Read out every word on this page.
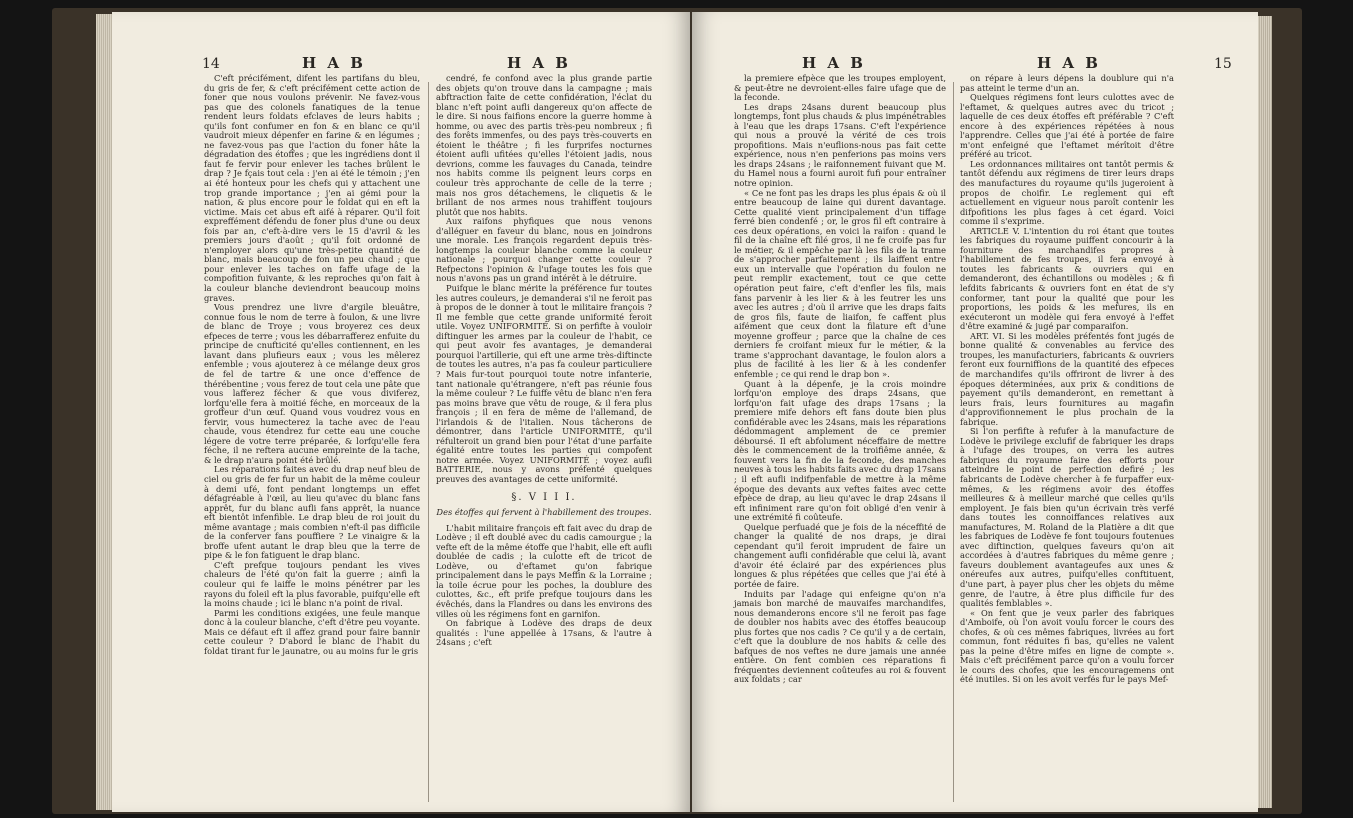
14	H A B	H A B

C'eft précifément, difent les partifans du bleu, du gris de fer, & c'eft précifément cette action de foner que nous voulons prévenir. Ne favez-vous pas que des colonels fanatiques de la tenue rendent leurs foldats efclaves de leurs habits ; qu'ils font confumer en fon & en blanc ce qu'il vaudroit mieux dépenfer en farine & en légumes ; ne favez-vous pas que l'action du foner hâte la dégradation des étoffes ; que les ingrédiens dont il faut fe fervir pour enlever les taches brûlent le drap ? Je fçais tout cela : j'en ai été le témoin ; j'en ai été honteux pour les chefs qui y attachent une trop grande importance ; j'en ai gémi pour la nation, & plus encore pour le foldat qui en eft la victime. Mais cet abus eft aifé à réparer. Qu'il foit expreffément défendu de foner plus d'une ou deux fois par an, c'eft-à-dire vers le 15 d'avril & les premiers jours d'août ; qu'il foit ordonné de n'employer alors qu'une très-petite quantité de blanc, mais beaucoup de fon un peu chaud ; que pour enlever les taches on faffe ufage de la compofition fuivante, & les reproches qu'on fait à la couleur blanche deviendront beaucoup moins graves.

Vous prendrez une livre d'argile bleuâtre, connue fous le nom de terre à foulon, & une livre de blanc de Troye ; vous broyerez ces deux efpeces de terre ; vous les débarrafferez enfuite du principe de cnufticité qu'elles contiennent, en les lavant dans plufieurs eaux ; vous les mêlerez enfemble ; vous ajouterez à ce mélange deux gros de fel de tartre & une once d'effence de thérébentine ; vous ferez de tout cela une pâte que vous lafferez fécher & que vous diviferez, lorfqu'elle fera à moitié féche, en morceaux de la groffeur d'un œuf. Quand vous voudrez vous en fervir, vous humecterez la tache avec de l'eau chaude, vous étendrez fur cette eau une couche légere de votre terre préparée, & lorfqu'elle fera féche, il ne reftera aucune empreinte de la tache, & le drap n'aura point été brûlé.

Les réparations faites avec du drap neuf bleu de ciel ou gris de fer fur un habit de la même couleur à demi ufé, font pendant longtemps un effet défagréable à l'œil, au lieu qu'avec du blanc fans apprêt, fur du blanc aufli fans apprêt, la nuance eft bientôt infenfible. Le drap bleu de roi jouit du même avantage ; mais combien n'eft-il pas difficile de la conferver fans pouffiere ? Le vinaigre & la broffe ufent autant le drap bleu que la terre de pipe & le fon fatiguent le drap blanc.

C'eft prefque toujours pendant les vives chaleurs de l'été qu'on fait la guerre ; ainfi la couleur qui fe laiffe le moins pénétrer par les rayons du foleil eft la plus favorable, puifqu'elle eft la moins chaude ; ici le blanc n'a point de rival.

Parmi les conditions exigées, une feule manque donc à la couleur blanche, c'eft d'être peu voyante. Mais ce défaut eft il affez grand pour faire bannir cette couleur ? D'abord le blanc de l'habit du foldat tirant fur le jaunatre, ou au moins fur le gris

cendré, fe confond avec la plus grande partie des objets qu'on trouve dans la campagne ; mais abftraction faite de cette confidération, l'éclat du blanc n'eft point aufli dangereux qu'on affecte de le dire. Si nous faifions encore la guerre homme à homme, ou avec des partis très-peu nombreux ; fi des forêts immenfes, ou des pays très-couverts en étoient le théâtre ; fi les furprifes nocturnes étoient aufli ufitées qu'elles l'étoient jadis, nous devrions, comme les fauvages du Canada, teindre nos habits comme ils peignent leurs corps en couleur très approchante de celle de la terre ; mais nos gros détachemens, le cliquetis & le brillant de nos armes nous trahiffent toujours plutôt que nos habits.

Aux raifons phyfiques que nous venons d'alléguer en faveur du blanc, nous en joindrons une morale. Les françois regardent depuis très-longtemps la couleur blanche comme la couleur nationale ; pourquoi changer cette couleur ? Refpectons l'opinion & l'ufage toutes les fois que nous n'avons pas un grand intérêt à le détruire.

Puifque le blanc mérite la préférence fur toutes les autres couleurs, je demanderai s'il ne feroit pas à propos de le donner à tout le militaire françois ? Il me femble que cette grande uniformité feroit utile. Voyez UNIFORMITÉ. Si on perfifte à vouloir diftinguer les armes par la couleur de l'habit, ce qui peut avoir fes avantages, je demanderai pourquoi l'artillerie, qui eft une arme très-diftincte de toutes les autres, n'a pas fa couleur particuliere ? Mais fur-tout pourquoi toute notre infanterie, tant nationale qu'étrangere, n'eft pas réunie fous la même couleur ? Le fuiffe vêtu de blanc n'en fera pas moins brave que vêtu de rouge, & il fera plus françois ; il en fera de même de l'allemand, de l'irlandois & de l'italien. Nous tâcherons de démontrer, dans l'article UNIFORMITÉ, qu'il réfulteroit un grand bien pour l'état d'une parfaite égalité entre toutes les parties qui compofent notre armée. Voyez UNIFORMITÉ ; voyez aufli BATTERIE, nous y avons préfenté quelques preuves des avantages de cette uniformité.

§. V I I I.

Des étoffes qui fervent à l'habillement des troupes.

L'habit militaire françois eft fait avec du drap de Lodève ; il eft doublé avec du cadis camourgue ; la vefte eft de la même étoffe que l'habit, elle eft aufli doublée de cadis ; la culotte eft de tricot de Lodève, ou d'eftamet qu'on fabrique principalement dans le pays Meffin & la Lorraine ; la toile écrue pour les poches, la doublure des culottes, &c., eft prife prefque toujours dans les évêchés, dans la Flandres ou dans les environs des villes où les régimens font en garnifon.

On fabrique à Lodève des draps de deux qualités : l'une appellée à 17sans, & l'autre à 24sans ; c'eft

H A B	H A B	15

la premiere efpèce que les troupes employent, & peut-être ne devroient-elles faire ufage que de la feconde.

Les draps 24sans durent beaucoup plus longtemps, font plus chauds & plus impénétrables à l'eau que les draps 17sans. C'eft l'expérience qui nous a prouvé la vérité de ces trois propofitions. Mais n'euflions-nous pas fait cette expérience, nous n'en penferions pas moins vers les draps 24sans ; le raifonnement fuivant que M. du Hamel nous a fourni auroit fufi pour entraîner notre opinion.

« Ce ne font pas les draps les plus épais & où il entre beaucoup de laine qui durent davantage. Cette qualité vient principalement d'un tiffage ferré bien condenfé ; or, le gros fil eft contraire à ces deux opérations, en voici la raifon : quand le fil de la chaîne eft filé gros, il ne fe croife pas fur le métier, & il empêche par là les fils de la trame de s'approcher parfaitement ; ils laiffent entre eux un intervalle que l'opération du foulon ne peut remplir exactement, tout ce que cette opération peut faire, c'eft d'enfler les fils, mais fans parvenir à les lier & à les feutrer les uns avec les autres ; d'où il arrive que les draps faits de gros fils, faute de liaifon, fe caffent plus aifément que ceux dont la filature eft d'une moyenne groffeur ; parce que la chaîne de ces derniers fe croifant mieux fur le métier, & la trame s'approchant davantage, le foulon alors a plus de facilité à les lier & à les condenfer enfemble ; ce qui rend le drap bon ».

Quant à la dépenfe, je la crois moindre lorfqu'on employe des draps 24sans, que lorfqu'on fait ufage des draps 17sans ; la premiere mife dehors eft fans doute bien plus confidérable avec les 24sans, mais les réparations dédommagent amplement de ce premier déboursé. Il eft abfolument néceffaire de mettre dès le commencement de la troifiême année, & fouvent vers la fin de la feconde, des manches neuves à tous les habits faits avec du drap 17sans ; il eft aufli indifpenfable de mettre à la même époque des devants aux veftes faites avec cette efpèce de drap, au lieu qu'avec le drap 24sans il eft infiniment rare qu'on foit obligé d'en venir à une extrémité fi coûteufe.

Quelque perfuadé que je fois de la néceffité de changer la qualité de nos draps, je dirai cependant qu'il feroit imprudent de faire un changement aufli confidérable que celui là, avant d'avoir été éclairé par des expériences plus longues & plus répétées que celles que j'ai été à portée de faire.

Induits par l'adage qui enfeigne qu'on n'a jamais bon marché de mauvaifes marchandifes, nous demanderons encore s'il ne feroit pas fage de doubler nos habits avec des étoffes beaucoup plus fortes que nos cadis ? Ce qu'il y a de certain, c'eft que la doublure de nos habits & celle des bafques de nos veftes ne dure jamais une année entière. On fent combien ces réparations fi fréquentes deviennent coûteufes au roi & fouvent aux foldats ; car

on répare à leurs dépens la doublure qui n'a pas atteint le terme d'un an.

Quelques régimens font leurs culottes avec de l'eftamet, & quelques autres avec du tricot ; laquelle de ces deux étoffes eft préférable ? C'eft encore à des expériences répétées à nous l'apprendre. Celles que j'ai été à portée de faire m'ont enfeigné que l'eftamet mérîtoit d'être préféré au tricot.

Les ordonnances militaires ont tantôt permis & tantôt défendu aux régimens de tirer leurs draps des manufactures du royaume qu'ils jugeroient à propos de choifir. Le reglement qui eft actuellement en vigueur nous paroît contenir les difpofitions les plus fages à cet égard. Voici comme il s'exprime.

ARTICLE V. L'intention du roi étant que toutes les fabriques du royaume puiffent concourir à la fourniture des marchandifes propres à l'habillement de fes troupes, il fera envoyé à toutes les fabricants & ouvriers qui en demanderont, des échantillons ou modèles ; & fi lefdits fabricants & ouvriers font en état de s'y conformer, tant pour la qualité que pour les proportions, les poids & les mefures, ils en exécuteront un modèle qui fera envoyé à l'effet d'être examiné & jugé par comparaifon.

ART. VI. Si les modèles préfentés font jugés de bonne qualité & convenables au fervice des troupes, les manufacturiers, fabricants & ouvriers feront eux fourniffions de la quantité des efpeces de marchandifes qu'ils offriront de livrer à des époques déterminées, aux prix & conditions de payement qu'ils demanderont, en remettant à leurs frais, leurs fournitures au magafin d'approvifionnement le plus prochain de la fabrique.

Si l'on perfifte à refufer à la manufacture de Lodève le privilege exclufif de fabriquer les draps à l'ufage des troupes, on verra les autres fabriques du royaume faire des efforts pour atteindre le point de perfection defiré ; les fabricants de Lodève chercher à fe furpaffer eux-mêmes, & les régimens avoir des étoffes meilleures & à meilleur marché que celles qu'ils employent. Je fais bien qu'un écrivain très verfé dans toutes les connoiffances relatives aux manufactures, M. Roland de la Platière a dit que les fabriques de Lodève fe font toujours foutenues avec diftinction, quelques faveurs qu'on ait accordées à d'autres fabriques du même genre ; faveurs doublement avantageufes aux unes & onéreufes aux autres, puifqu'elles conftituent, d'une part, à payer plus cher les objets du même genre, de l'autre, à être plus difficile fur des qualités femblables ».

« On fent que je veux parler des fabriques d'Amboife, où l'on avoit voulu forcer le cours des chofes, & où ces mêmes fabriques, livrées au fort commun, font réduites fi bas, qu'elles ne valent pas la peine d'être mifes en ligne de compte ». Mais c'eft précifément parce qu'on a voulu forcer le cours des chofes, que les encouragemens ont été inutiles. Si on les avoit verfés fur le pays Mef-
